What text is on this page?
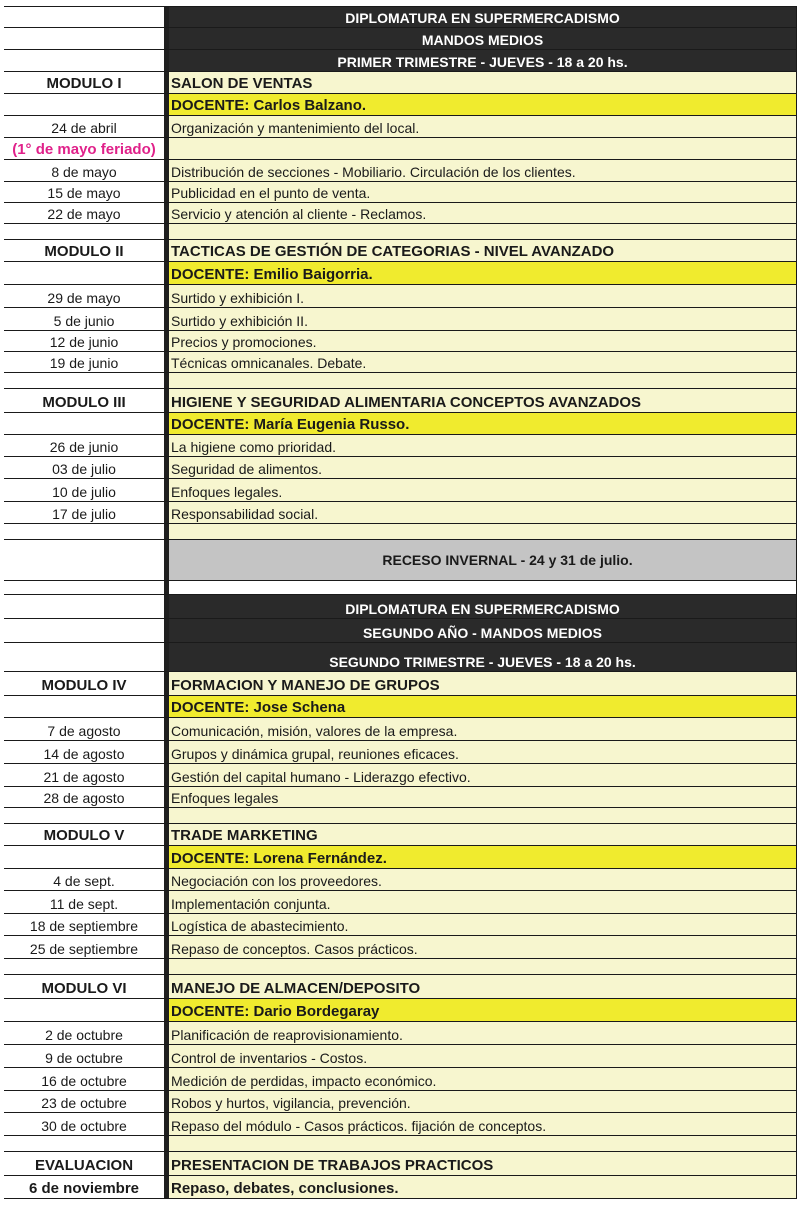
DIPLOMATURA EN SUPERMERCADISMO
MANDOS MEDIOS
PRIMER TRIMESTRE - JUEVES - 18 a 20 hs.
MODULO I	SALON DE VENTAS
DOCENTE: Carlos Balzano.
24 de abril	Organización y mantenimiento del local.
(1° de mayo feriado)
8 de mayo	Distribución de secciones - Mobiliario. Circulación de los clientes.
15 de mayo	Publicidad en el punto de venta.
22 de mayo	Servicio y atención al cliente - Reclamos.
MODULO II	TACTICAS DE GESTIÓN DE CATEGORIAS - NIVEL AVANZADO
DOCENTE: Emilio Baigorria.
29 de mayo	Surtido y exhibición I.
5 de junio	Surtido y exhibición II.
12 de junio	Precios y promociones.
19 de junio	Técnicas omnicanales. Debate.
MODULO III	HIGIENE Y SEGURIDAD ALIMENTARIA CONCEPTOS AVANZADOS
DOCENTE: María Eugenia Russo.
26 de junio	La higiene como prioridad.
03 de julio	Seguridad de alimentos.
10 de julio	Enfoques legales.
17 de julio	Responsabilidad social.
RECESO INVERNAL - 24 y 31 de julio.
DIPLOMATURA EN SUPERMERCADISMO
SEGUNDO AÑO - MANDOS MEDIOS
SEGUNDO TRIMESTRE - JUEVES - 18 a 20 hs.
MODULO IV	FORMACION Y MANEJO DE GRUPOS
DOCENTE: Jose Schena
7 de agosto	Comunicación, misión, valores de la empresa.
14 de agosto	Grupos y dinámica grupal, reuniones eficaces.
21 de agosto	Gestión del capital humano - Liderazgo efectivo.
28 de agosto	Enfoques legales
MODULO V	TRADE MARKETING
DOCENTE: Lorena Fernández.
4 de sept.	Negociación con los proveedores.
11 de sept.	Implementación conjunta.
18 de septiembre	Logística de abastecimiento.
25 de septiembre	Repaso de conceptos. Casos prácticos.
MODULO VI	MANEJO DE ALMACEN/DEPOSITO
DOCENTE: Dario Bordegaray
2 de octubre	Planificación de reaprovisionamiento.
9 de octubre	Control de inventarios - Costos.
16 de octubre	Medición de perdidas, impacto económico.
23 de octubre	Robos y hurtos, vigilancia, prevención.
30 de octubre	Repaso del módulo - Casos prácticos. fijación de conceptos.
EVALUACION	PRESENTACION DE TRABAJOS PRACTICOS
6 de noviembre	Repaso, debates, conclusiones.
